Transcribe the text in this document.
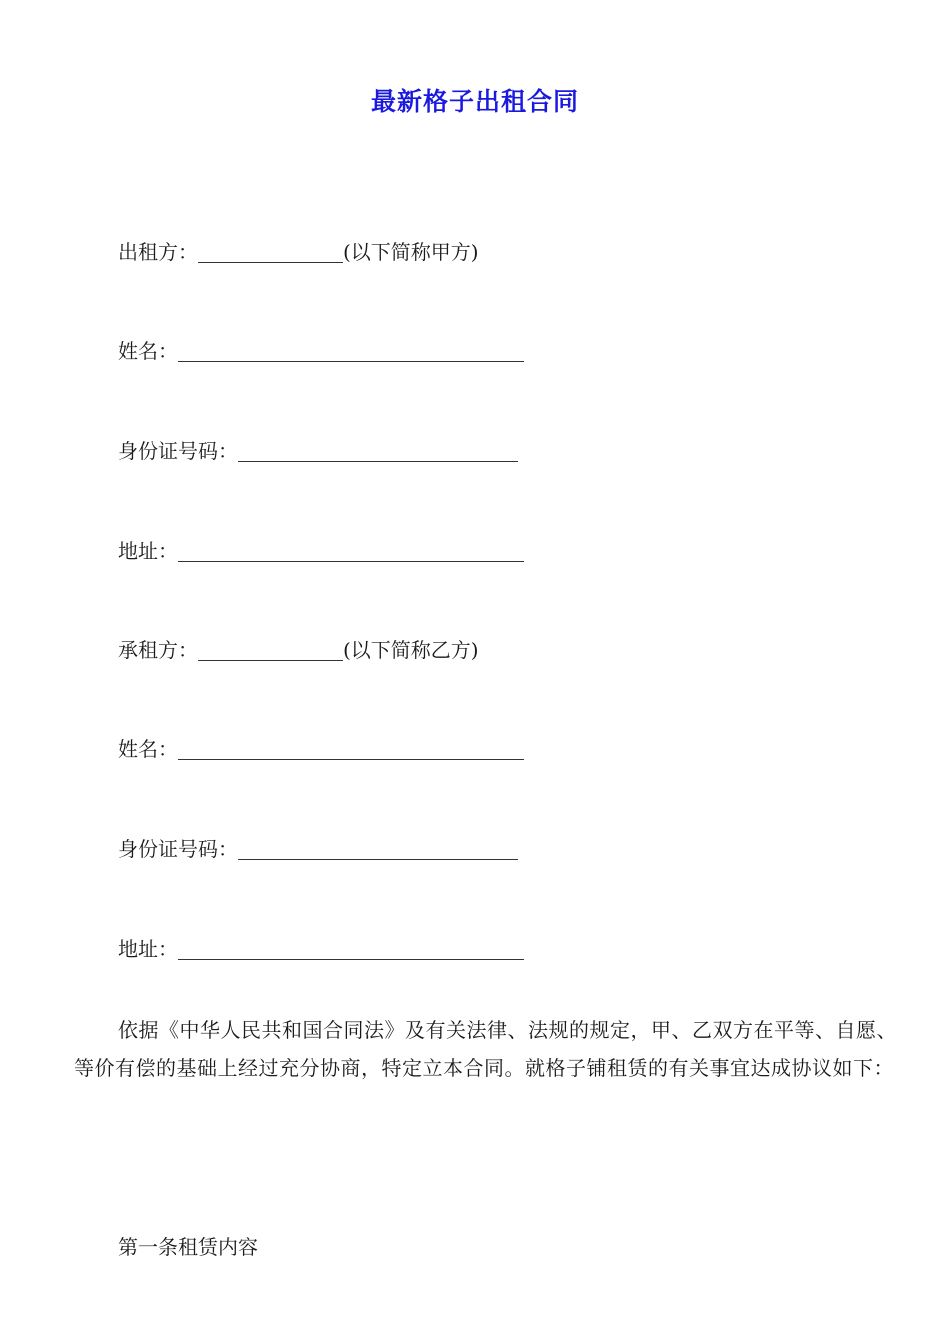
最新格子出租合同
出租方：	(以下简称甲方)
姓名：
身份证号码：
地址：
承租方：	(以下简称乙方)
姓名：
身份证号码：
地址：

依据《中华人民共和国合同法》及有关法律、法规的规定，甲、乙双方在平等、自愿、等价有偿的基础上经过充分协商，特定立本合同。就格子铺租赁的有关事宜达成协议如下：

第一条租赁内容
